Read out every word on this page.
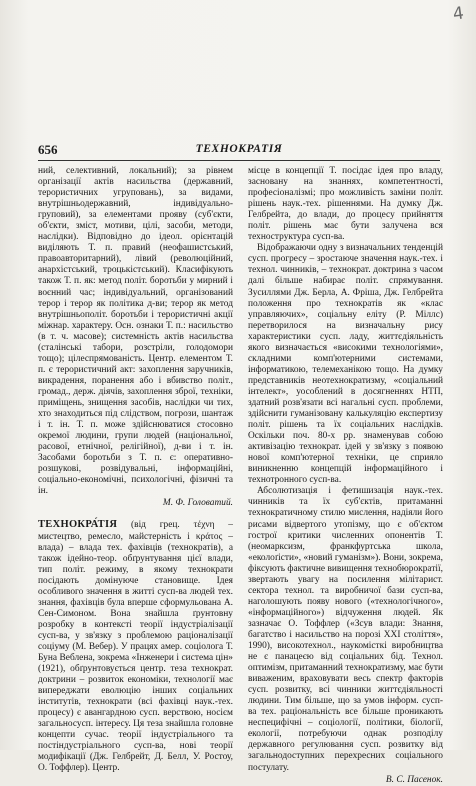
4
656	ТЕХНОКРАТІЯ

ний, селективний, локальний); за рівнем організації актів насильства (державний, терористичних угруповань), за видами, внутрішньодержавний, індивідуально-груповий), за елементами прояву (суб'єкти, об'єкти, зміст, мотиви, цілі, засоби, методи, наслідки). Відповідно до ідеол. орієнтацій виділяють Т. п. правий (неофашистський, правоавторитарний), лівий (революційний, анархістський, троцькістський). Класифікують також Т. п. як: метод політ. боротьби у мирний і воєнний час; індивідуальний, організований терор і терор як політика д-ви; терор як метод внутрішньополіт. боротьби і терористичні акції міжнар. характеру. Осн. ознаки Т. п.: насильство (в т. ч. масове); системність актів насильства (сталінські табори, розстріли, голодомори тощо); цілеспрямованість. Центр. елементом Т. п. є терористичний акт: захоплення заручників, викрадення, поранення або і вбивство політ., громад., держ. діячів, захоплення зброї, техніки, приміщень, знищення засобів, наслідки чи тих, хто знаходиться під слідством, погрози, шантаж і т. ін. Т. п. може здійснюватися стосовно окремої людини, групи людей (національної, расової, етнічної, релігійної), д-ви і т. ін. Засобами боротьби з Т. п. є: оперативно-розшукові, розвідувальні, інформаційні, соціально-економічні, психологічні, фізичні та ін.

М. Ф. Головатий.

ТЕХНОКРА́ТІЯ (від грец. τέχνη – мистецтво, ремесло, майстерність і κράτος – влада) – влада тех. фахівців (технократів), а також ідейно-теор. обґрунтування цієї влади, тип політ. режиму, в якому технократи посідають домінуюче становище. Ідея особливого значення в житті сусп-ва людей тех. знання, фахівців була вперше сформульована А. Сен-Симоном. Вона знайшла ґрунтовну розробку в контексті теорії індустріалізації сусп-ва, у зв'язку з проблемою раціоналізації соціуму (М. Вебер). У працях амер. соціолога Т. Буна Веблена, зокрема «Інженери і система цін» (1921), обґрунтовується центр. теза технократ. доктрини – розвиток економіки, технології має випереджати еволюцію інших соціальних інститутів, технократи (всі фахівці наук.-тех. процесу) є авангардною сусп. верствою, носієм загальносусп. інтересу. Ця теза знайшла головне концепти сучас. теорії індустріального та постіндустріального сусп-ва, нові теорії модифікації (Дж. Гелбрейт, Д. Белл, У. Ростоу, О. Тоффлер). Центр.

місце в концепції Т. посідає ідея про владу, засновану на знаннях, компетентності, професіоналізмі; про можливість заміни політ. рішень наук.-тех. рішеннями. На думку Дж. Гелбрейта, до влади, до процесу прийняття політ. рішень має бути залучена вся техноструктура сусп-ва.

Відображаючи одну з визначальних тенденцій сусп. прогресу – зростаюче значення наук.-тех. і технол. чинників, – технократ. доктрина з часом далі більше набирає політ. спрямування. Зусиллями Дж. Берла, А. Фріша, Дж. Гелбрейта положення про технократів як «клас управляючих», соціальну еліту (Р. Міллс) перетворилося на визначальну рису характеристики сусп. ладу, життєдіяльність якого визначається «високими технологіями», складними комп'ютерними системами, інформатикою, телемеханікою тощо. На думку представників неотехнократизму, «соціальний інтелект», уособлений в досягненнях НТП, здатний розв'язати всі нагальні сусп. проблеми, здійснити гуманізовану калькуляцію експертизу політ. рішень та їх соціальних наслідків. Оскільки поч. 80-х рр. знаменував собою активізацію технократ. ідей у зв'язку з появою нової комп'ютерної техніки, це сприяло виникненню концепцій інформаційного і технотронного сусп-ва.

Абсолютизація і фетишизація наук.-тех. чинників та їх суб'єктів, притаманні технократичному стилю мислення, надіяли його рисами відвертого утопізму, що є об'єктом гострої критики численних опонентів Т. (неомарксизм, франкфуртська школа, «еколоґісти», «новий гуманізм»). Вони, зокрема, фіксують фактичне вивищення технобюрократії, звертають увагу на посилення мілітарист. сектора технол. та виробничої бази сусп-ва, наголошують появу нового («технологічного», «інформаційного») відчуження людей. Як зазначає О. Тоффлер («Зсув влади: Знання, багатство і насильство на порозі XXI століття», 1990), високотехнол., наукомісткі виробництва не є панацеєю від соціальних бід. Технол. оптимізм, притаманний технократизму, має бути виваженим, враховувати весь спектр факторів сусп. розвитку, всі чинники життєдіяльності людини. Тим більше, що за умов інформ. сусп-ва тех. раціональність все більше проникають неспецифічні – соціології, політики, біології, екології, потребуючи однак розподілу державного регулювання сусп. розвитку від загальнодоступних перехресних соціального постулату.

В. С. Пасенок.
